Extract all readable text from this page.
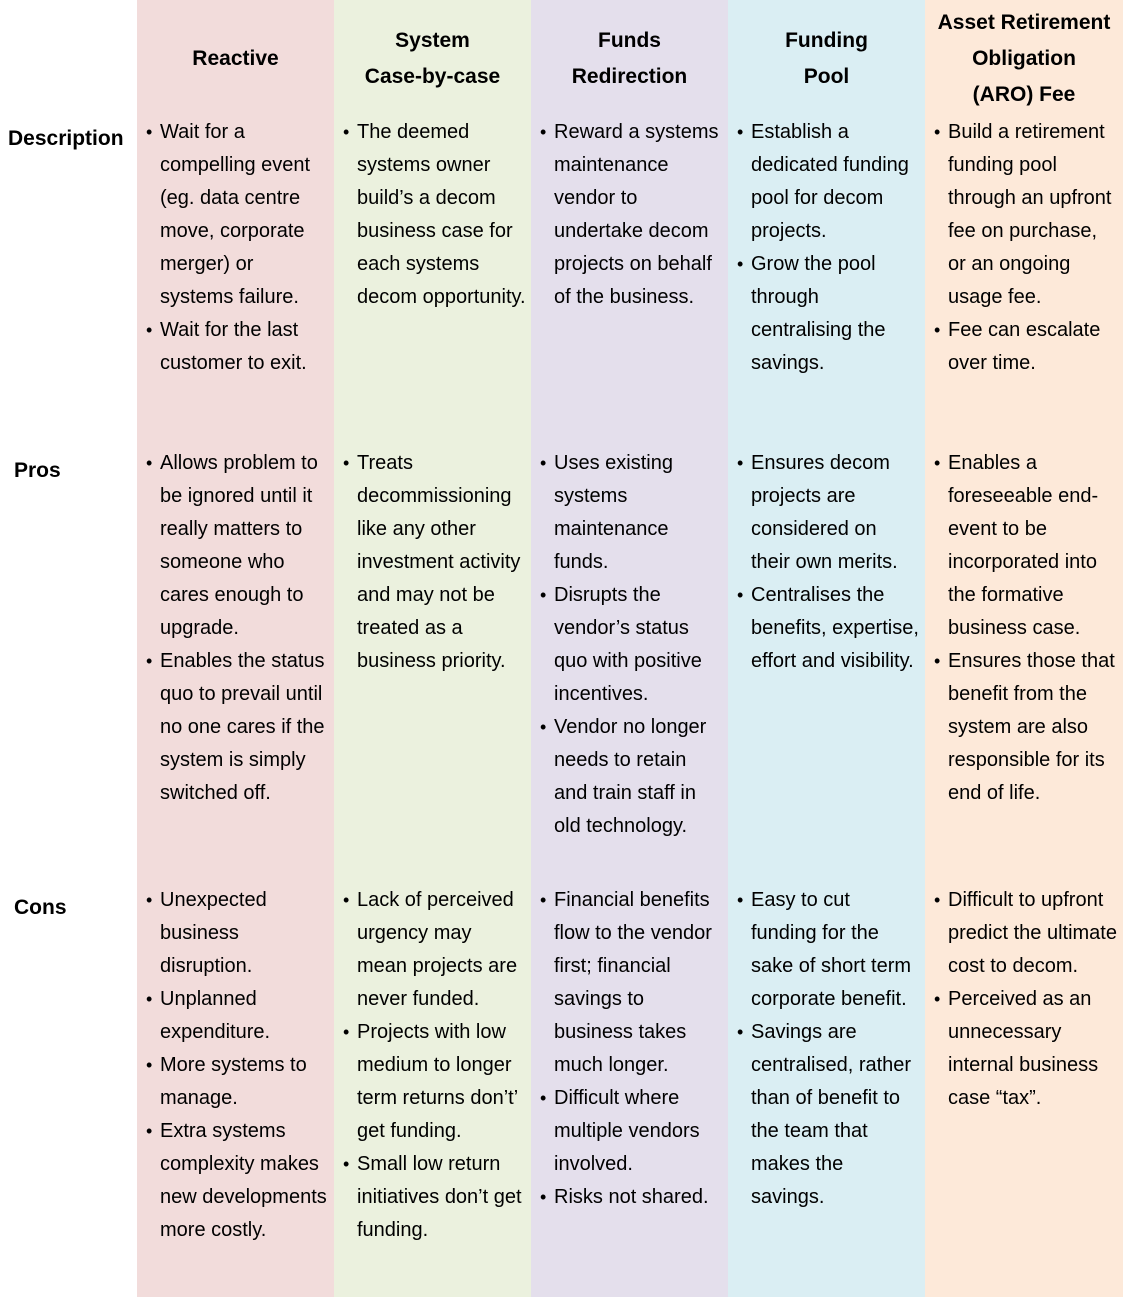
Description
Pros
Cons
Reactive
• Wait for a compelling event (eg. data centre move, corporate merger) or systems failure.
• Wait for the last customer to exit.
• Allows problem to be ignored until it really matters to someone who cares enough to upgrade.
• Enables the status quo to prevail until no one cares if the system is simply switched off.
• Unexpected business disruption.
• Unplanned expenditure.
• More systems to manage.
• Extra systems complexity makes new developments more costly.
System
Case-by-case
• The deemed systems owner build’s a decom business case for each systems decom opportunity.
• Treats decommissioning like any other investment activity and may not be treated as a business priority.
• Lack of perceived urgency may mean projects are never funded.
• Projects with low medium to longer term returns don’t’ get funding.
• Small low return initiatives don’t get funding.
Funds
Redirection
• Reward a systems maintenance vendor to undertake decom projects on behalf of the business.
• Uses existing systems maintenance funds.
• Disrupts the vendor’s status quo with positive incentives.
• Vendor no longer needs to retain and train staff in old technology.
• Financial benefits flow to the vendor first; financial savings to business takes much longer.
• Difficult where multiple vendors involved.
• Risks not shared.
Funding
Pool
• Establish a dedicated funding pool for decom projects.
• Grow the pool through centralising the savings.
• Ensures decom projects are considered on their own merits.
• Centralises the benefits, expertise, effort and visibility.
• Easy to cut funding for the sake of short term corporate benefit.
• Savings are centralised, rather than of benefit to the team that makes the savings.
Asset Retirement
Obligation
(ARO) Fee
• Build a retirement funding pool through an upfront fee on purchase, or an ongoing usage fee.
• Fee can escalate over time.
• Enables a foreseeable end-event to be incorporated into the formative business case.
• Ensures those that benefit from the system are also responsible for its end of life.
• Difficult to upfront predict the ultimate cost to decom.
• Perceived as an unnecessary internal business case “tax”.
